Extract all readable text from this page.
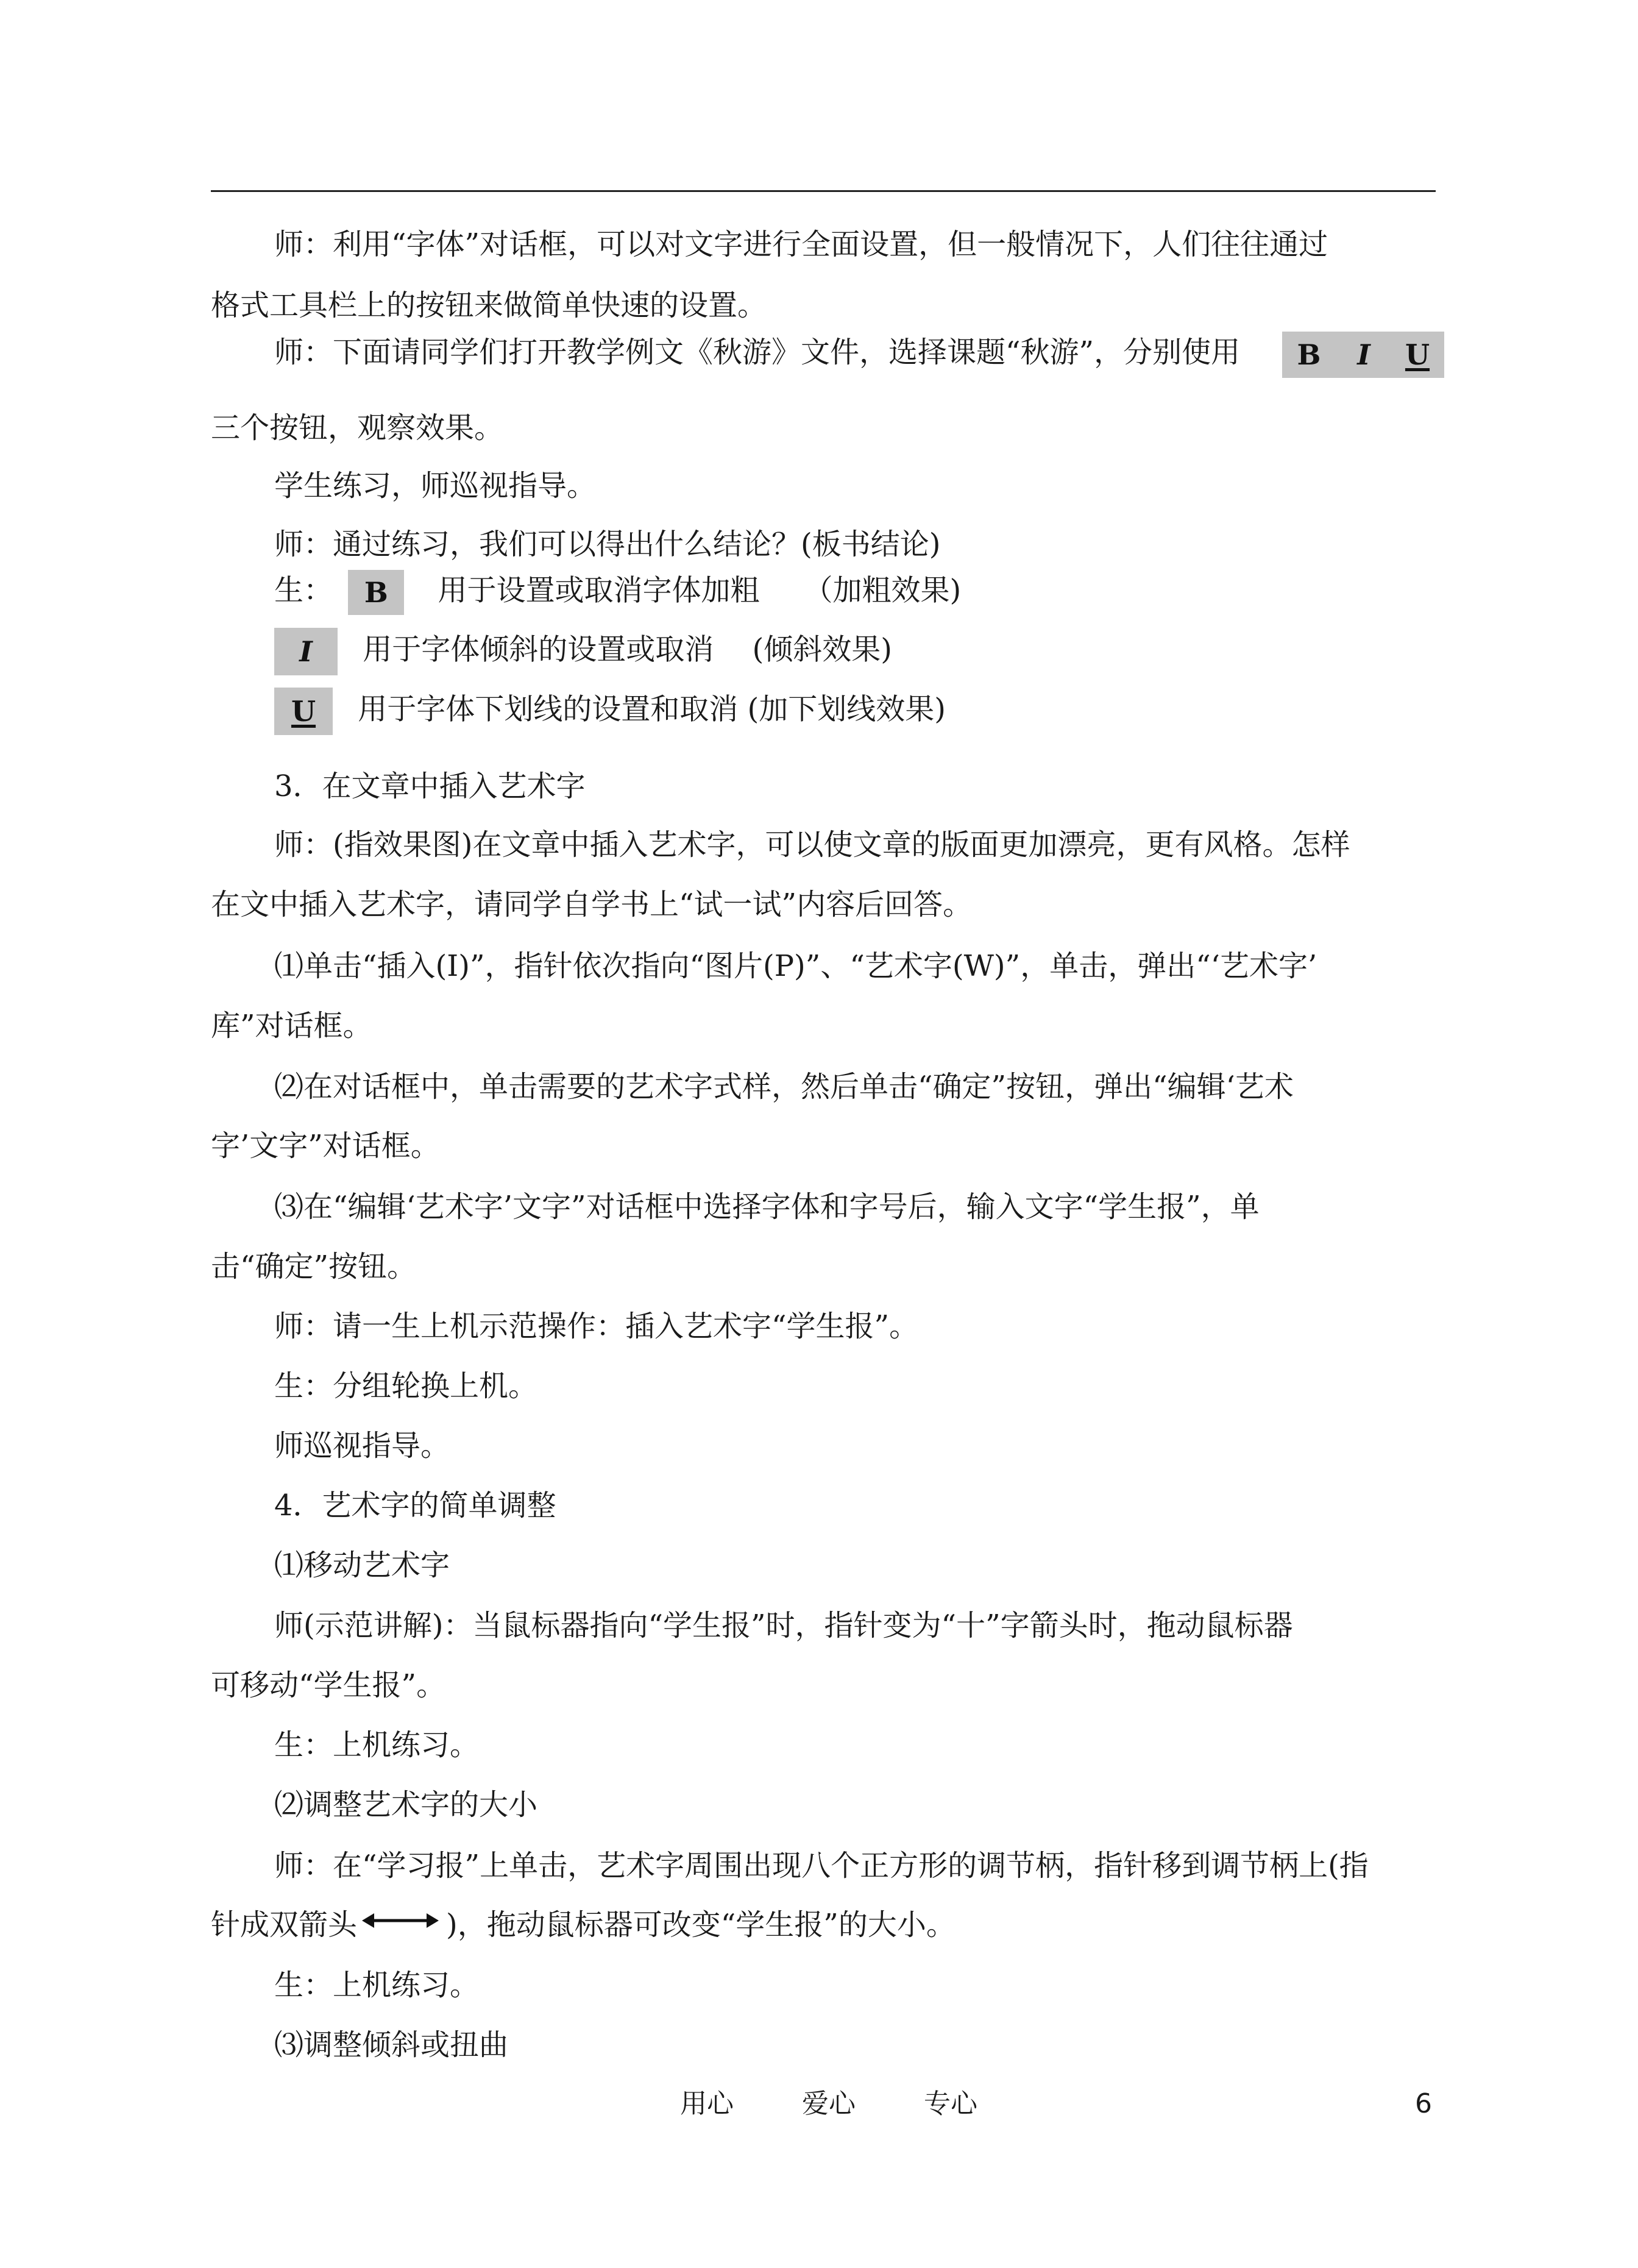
师：利用“字体”对话框，可以对文字进行全面设置，但一般情况下，人们往往通过
格式工具栏上的按钮来做简单快速的设置。
师：下面请同学们打开教学例文《秋游》文件，选择课题“秋游”，分别使用 B I U
三个按钮，观察效果。
学生练习，师巡视指导。
师：通过练习，我们可以得出什么结论？(板书结论)
生： B 用于设置或取消字体加粗　　（加粗效果)
I 用于字体倾斜的设置或取消　 (倾斜效果)
U 用于字体下划线的设置和取消 (加下划线效果)
3．在文章中插入艺术字
师：(指效果图)在文章中插入艺术字，可以使文章的版面更加漂亮，更有风格。怎样
在文中插入艺术字，请同学自学书上“试一试”内容后回答。
⑴单击“插入(I)”，指针依次指向“图片(P)”、“艺术字(W)”，单击，弹出“‘艺术字’
库”对话框。
⑵在对话框中，单击需要的艺术字式样，然后单击“确定”按钮，弹出“编辑‘艺术
字’文字”对话框。
⑶在“编辑‘艺术字’文字”对话框中选择字体和字号后，输入文字“学生报”，单
击“确定”按钮。
师：请一生上机示范操作：插入艺术字“学生报”。
生：分组轮换上机。
师巡视指导。
4．艺术字的简单调整
⑴移动艺术字
师(示范讲解)：当鼠标器指向“学生报”时，指针变为“十”字箭头时，拖动鼠标器
可移动“学生报”。
生：上机练习。
⑵调整艺术字的大小
师：在“学习报”上单击，艺术字周围出现八个正方形的调节柄，指针移到调节柄上(指
针成双箭头	)，拖动鼠标器可改变“学生报”的大小。
生：上机练习。
⑶调整倾斜或扭曲
用心	爱心	专心	6
